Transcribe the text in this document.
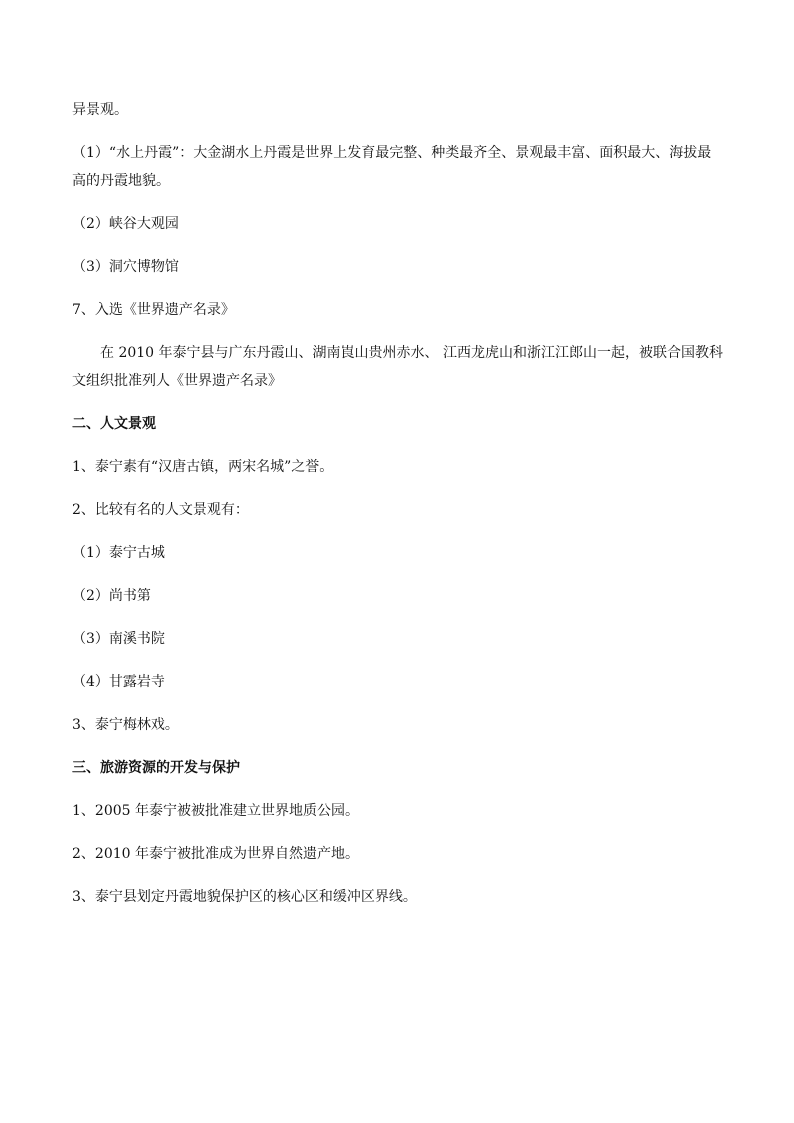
异景观。

（1）“水上丹霞”：大金湖水上丹霞是世界上发育最完整、种类最齐全、景观最丰富、面积最大、海拔最高的丹霞地貌。

（2）峡谷大观园

（3）洞穴博物馆

7、入选《世界遗产名录》

在 2010 年泰宁县与广东丹霞山、湖南崀山贵州赤水、 江西龙虎山和浙江江郎山一起，被联合国教科文组织批准列人《世界遗产名录》

二、人文景观

1、泰宁素有“汉唐古镇，两宋名城”之誉。

2、比较有名的人文景观有：

（1）泰宁古城

（2）尚书第

（3）南溪书院

（4）甘露岩寺

3、泰宁梅林戏。

三、旅游资源的开发与保护

1、2005 年泰宁被被批准建立世界地质公园。

2、2010 年泰宁被批准成为世界自然遗产地。

3、泰宁县划定丹霞地貌保护区的核心区和缓冲区界线。
